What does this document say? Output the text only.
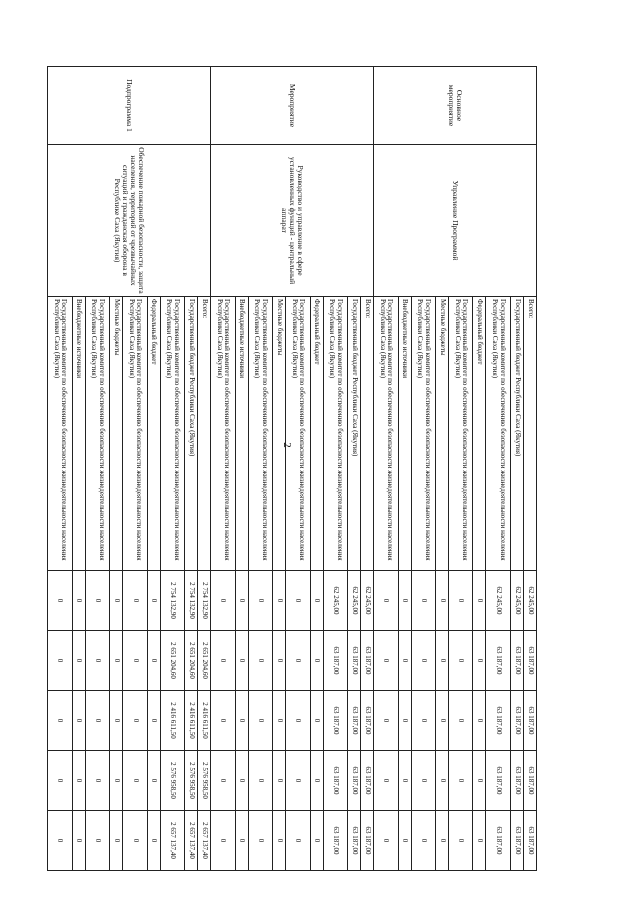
2
Основное мероприятие	Управление Программой	Всего:	62 245,00	63 187,00	63 187,00	63 187,00	63 187,00
		Государственный бюджет Республики Саха (Якутия)	62 245,00	63 187,00	63 187,00	63 187,00	63 187,00
		Государственный комитет по обеспечению безопасности жизнедеятельности населения Республики Саха (Якутия)	62 245,00	63 187,00	63 187,00	63 187,00	63 187,00
		Федеральный бюджет	0	0	0	0	0
		Государственный комитет по обеспечению безопасности жизнедеятельности населения Республики Саха (Якутия)	0	0	0	0	0
		Местные бюджеты	0	0	0	0	0
		Государственный комитет по обеспечению безопасности жизнедеятельности населения Республики Саха (Якутия)	0	0	0	0	0
		Внебюджетные источники	0	0	0	0	0
		Государственный комитет по обеспечению безопасности жизнедеятельности населения Республики Саха (Якутия)	0	0	0	0	0
Мероприятие	Руководство и управление в сфере установленных функций - центральный аппарат	Всего:	62 245,00	63 187,00	63 187,00	63 187,00	63 187,00
		Государственный бюджет Республики Саха (Якутия)	62 245,00	63 187,00	63 187,00	63 187,00	63 187,00
		Государственный комитет по обеспечению безопасности жизнедеятельности населения Республики Саха (Якутия)	62 245,00	63 187,00	63 187,00	63 187,00	63 187,00
		Федеральный бюджет	0	0	0	0	0
		Государственный комитет по обеспечению безопасности жизнедеятельности населения Республики Саха (Якутия)	0	0	0	0	0
		Местные бюджеты	0	0	0	0	0
		Государственный комитет по обеспечению безопасности жизнедеятельности населения Республики Саха (Якутия)	0	0	0	0	0
		Внебюджетные источники	0	0	0	0	0
		Государственный комитет по обеспечению безопасности жизнедеятельности населения Республики Саха (Якутия)	0	0	0	0	0
Подпрограмма 1	Обеспечение пожарной безопасности, защита населения, территорий от чрезвычайных ситуаций и гражданская оборона в Республике Саха (Якутия)	Всего:	2 754 132,90	2 651 204,60	2 416 611,50	2 576 958,50	2 657 137,40
		Государственный бюджет Республики Саха (Якутия)	2 754 132,90	2 651 204,60	2 416 611,50	2 576 958,50	2 657 137,40
		Государственный комитет по обеспечению безопасности жизнедеятельности населения Республики Саха (Якутия)	2 754 132,90	2 651 204,60	2 416 611,50	2 576 958,50	2 657 137,40
		Федеральный бюджет	0	0	0	0	0
		Государственный комитет по обеспечению безопасности жизнедеятельности населения Республики Саха (Якутия)	0	0	0	0	0
		Местные бюджеты	0	0	0	0	0
		Государственный комитет по обеспечению безопасности жизнедеятельности населения Республики Саха (Якутия)	0	0	0	0	0
		Внебюджетные источники	0	0	0	0	0
		Государственный комитет по обеспечению безопасности жизнедеятельности населения Республики Саха (Якутия)	0	0	0	0	0
